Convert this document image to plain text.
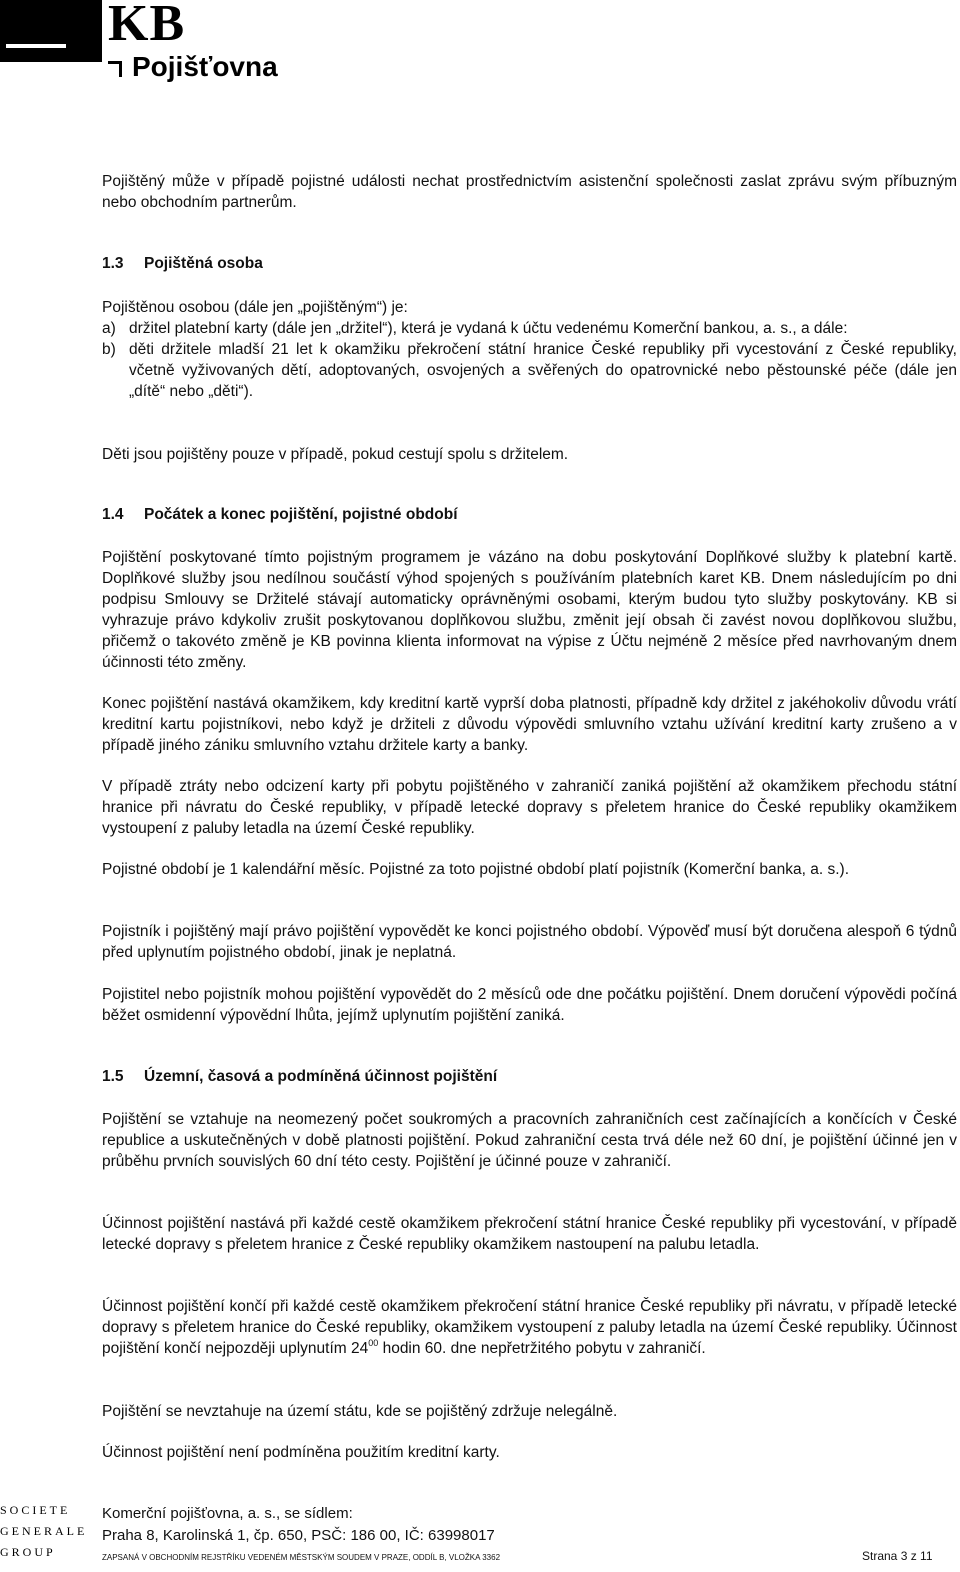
KB
Pojišťovna

Pojištěný může v případě pojistné události nechat prostřednictvím asistenční společnosti zaslat zprávu svým příbuzným nebo obchodním partnerům.

1.3 Pojištěná osoba
Pojištěnou osobou (dále jen „pojištěným“) je:
a) držitel platební karty (dále jen „držitel“), která je vydaná k účtu vedenému Komerční bankou, a. s., a dále:
b) děti držitele mladší 21 let k okamžiku překročení státní hranice České republiky při vycestování z České republiky, včetně vyživovaných dětí, adoptovaných, osvojených a svěřených do opatrovnické nebo pěstounské péče (dále jen „dítě“ nebo „děti“).

Děti jsou pojištěny pouze v případě, pokud cestují spolu s držitelem.

1.4 Počátek a konec pojištění, pojistné období

Pojištění poskytované tímto pojistným programem je vázáno na dobu poskytování Doplňkové služby k platební kartě. Doplňkové služby jsou nedílnou součástí výhod spojených s používáním platebních karet KB. Dnem následujícím po dni podpisu Smlouvy se Držitelé stávají automaticky oprávněnými osobami, kterým budou tyto služby poskytovány. KB si vyhrazuje právo kdykoliv zrušit poskytovanou doplňkovou službu, změnit její obsah či zavést novou doplňkovou službu, přičemž o takovéto změně je KB povinna klienta informovat na výpise z Účtu nejméně 2 měsíce před navrhovaným dnem účinnosti této změny.

Konec pojištění nastává okamžikem, kdy kreditní kartě vyprší doba platnosti, případně kdy držitel z jakéhokoliv důvodu vrátí kreditní kartu pojistníkovi, nebo když je držiteli z důvodu výpovědi smluvního vztahu užívání kreditní karty zrušeno a v případě jiného zániku smluvního vztahu držitele karty a banky.

V případě ztráty nebo odcizení karty při pobytu pojištěného v zahraničí zaniká pojištění až okamžikem přechodu státní hranice při návratu do České republiky, v případě letecké dopravy s přeletem hranice do České republiky okamžikem vystoupení z paluby letadla na území České republiky.

Pojistné období je 1 kalendářní měsíc. Pojistné za toto pojistné období platí pojistník (Komerční banka, a. s.).

Pojistník i pojištěný mají právo pojištění vypovědět ke konci pojistného období. Výpověď musí být doručena alespoň 6 týdnů před uplynutím pojistného období, jinak je neplatná.

Pojistitel nebo pojistník mohou pojištění vypovědět do 2 měsíců ode dne počátku pojištění. Dnem doručení výpovědi počíná běžet osmidenní výpovědní lhůta, jejímž uplynutím pojištění zaniká.

1.5 Územní, časová a podmíněná účinnost pojištění

Pojištění se vztahuje na neomezený počet soukromých a pracovních zahraničních cest začínajících a končících v České republice a uskutečněných v době platnosti pojištění. Pokud zahraniční cesta trvá déle než 60 dní, je pojištění účinné jen v průběhu prvních souvislých 60 dní této cesty. Pojištění je účinné pouze v zahraničí.

Účinnost pojištění nastává při každé cestě okamžikem překročení státní hranice České republiky při vycestování, v případě letecké dopravy s přeletem hranice z České republiky okamžikem nastoupení na palubu letadla.

Účinnost pojištění končí při každé cestě okamžikem překročení státní hranice České republiky při návratu, v případě letecké dopravy s přeletem hranice do České republiky, okamžikem vystoupení z paluby letadla na území České republiky. Účinnost pojištění končí nejpozději uplynutím $24^{00}$ hodin 60. dne nepřetržitého pobytu v zahraničí.

Pojištění se nevztahuje na území státu, kde se pojištěný zdržuje nelegálně.

Účinnost pojištění není podmíněna použitím kreditní karty.

SOCIETE
GENERALE
GROUP
Komerční pojišťovna, a. s., se sídlem:
Praha 8, Karolinská 1, čp. 650, PSČ: 186 00, IČ: 63998017
ZAPSANÁ V OBCHODNÍM REJSTŘÍKU VEDENÉM MĚSTSKÝM SOUDEM V PRAZE, ODDÍL B, VLOŽKA 3362	Strana 3 z 11
